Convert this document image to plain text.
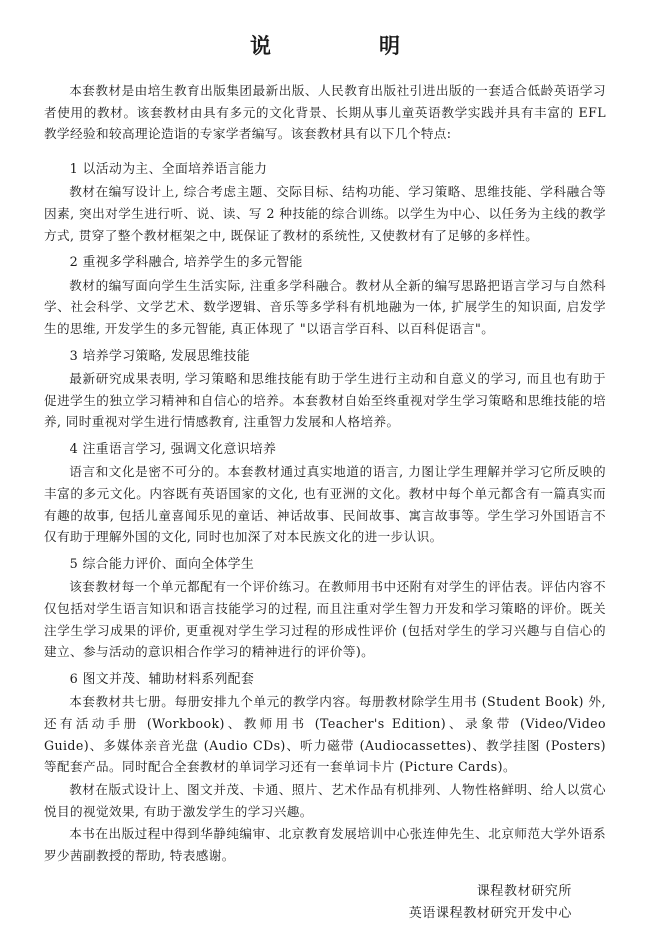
说　　明

本套教材是由培生教育出版集团最新出版、人民教育出版社引进出版的一套适合低龄英语学习者使用的教材。该套教材由具有多元的文化背景、长期从事儿童英语教学实践并具有丰富的 EFL 教学经验和较高理论造诣的专家学者编写。该套教材具有以下几个特点:

1 以活动为主、全面培养语言能力

教材在编写设计上, 综合考虑主题、交际目标、结构功能、学习策略、思维技能、学科融合等因素, 突出对学生进行听、说、读、写 2 种技能的综合训练。以学生为中心、以任务为主线的教学方式, 贯穿了整个教材框架之中, 既保证了教材的系统性, 又使教材有了足够的多样性。

2 重视多学科融合, 培养学生的多元智能

教材的编写面向学生生活实际, 注重多学科融合。教材从全新的编写思路把语言学习与自然科学、社会科学、文学艺术、数学逻辑、音乐等多学科有机地融为一体, 扩展学生的知识面, 启发学生的思维, 开发学生的多元智能, 真正体现了 "以语言学百科、以百科促语言"。

3 培养学习策略, 发展思维技能

最新研究成果表明, 学习策略和思维技能有助于学生进行主动和自意义的学习, 而且也有助于促进学生的独立学习精神和自信心的培养。本套教材自始至终重视对学生学习策略和思维技能的培养, 同时重视对学生进行情感教育, 注重智力发展和人格培养。

4 注重语言学习, 强调文化意识培养

语言和文化是密不可分的。本套教材通过真实地道的语言, 力图让学生理解并学习它所反映的丰富的多元文化。内容既有英语国家的文化, 也有亚洲的文化。教材中每个单元都含有一篇真实而有趣的故事, 包括儿童喜闻乐见的童话、神话故事、民间故事、寓言故事等。学生学习外国语言不仅有助于理解外国的文化, 同时也加深了对本民族文化的进一步认识。

5 综合能力评价、面向全体学生

该套教材每一个单元都配有一个评价练习。在教师用书中还附有对学生的评估表。评估内容不仅包括对学生语言知识和语言技能学习的过程, 而且注重对学生智力开发和学习策略的评价。既关注学生学习成果的评价, 更重视对学生学习过程的形成性评价 (包括对学生的学习兴趣与自信心的建立、参与活动的意识相合作学习的精神进行的评价等)。

6 图文并茂、辅助材料系列配套

本套教材共七册。每册安排九个单元的教学内容。每册教材除学生用书 (Student Book) 外, 还有活动手册 (Workbook)、教师用书 (Teacher's Edition)、录象带 (Video/Video Guide)、多媒体亲音光盘 (Audio CDs)、听力磁带 (Audiocassettes)、教学挂图 (Posters) 等配套产品。同时配合全套教材的单词学习还有一套单词卡片 (Picture Cards)。

教材在版式设计上、图文并茂、卡通、照片、艺术作品有机排列、人物性格鲜明、给人以赏心悦目的视觉效果, 有助于激发学生的学习兴趣。

本书在出版过程中得到华静纯编审、北京教育发展培训中心张连伸先生、北京师范大学外语系罗少茜副教授的帮助, 特表感谢。

课程教材研究所
英语课程教材研究开发中心
